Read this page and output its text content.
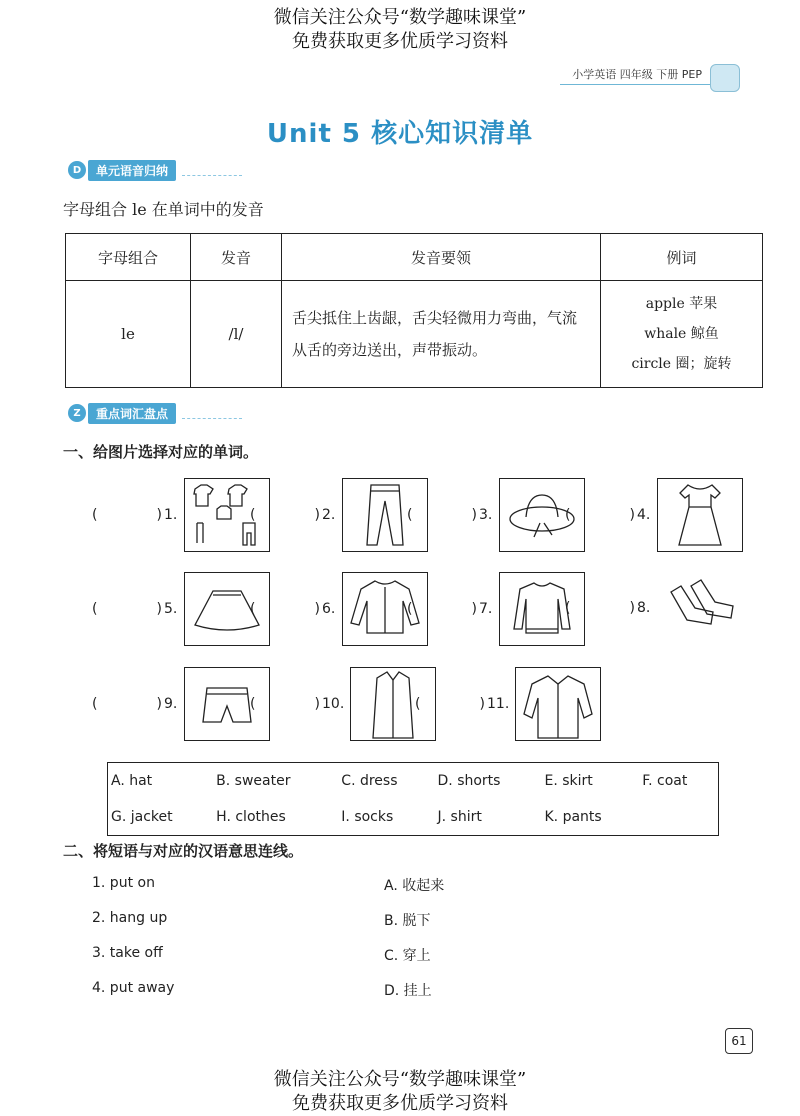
微信关注公众号“数学趣味课堂”
免费获取更多优质学习资料
小学英语 四年级 下册 PEP
Unit 5 核心知识清单
D	单元语音归纳
字母组合 le 在单词中的发音
字母组合	发音	发音要领	例词
le	/l/	舌尖抵住上齿龈，舌尖轻微用力弯曲，气流从舌的旁边送出，声带振动。	apple 苹果
whale 鲸鱼
circle 圈；旋转
Z	重点词汇盘点
一、给图片选择对应的单词。
(	) 1.	(	) 2.	(	) 3.	(	) 4.
(	) 5.	(	) 6.	(	) 7.	(	) 8.
(	) 9.	(	) 10.	(	) 11.
A. hat	B. sweater	C. dress	D. shorts	E. skirt	F. coat
G. jacket	H. clothes	I. socks	J. shirt	K. pants	
二、将短语与对应的汉语意思连线。
1. put on
2. hang up
3. take off
4. put away
A. 收起来
B. 脱下
C. 穿上
D. 挂上
61
微信关注公众号“数学趣味课堂”
免费获取更多优质学习资料
